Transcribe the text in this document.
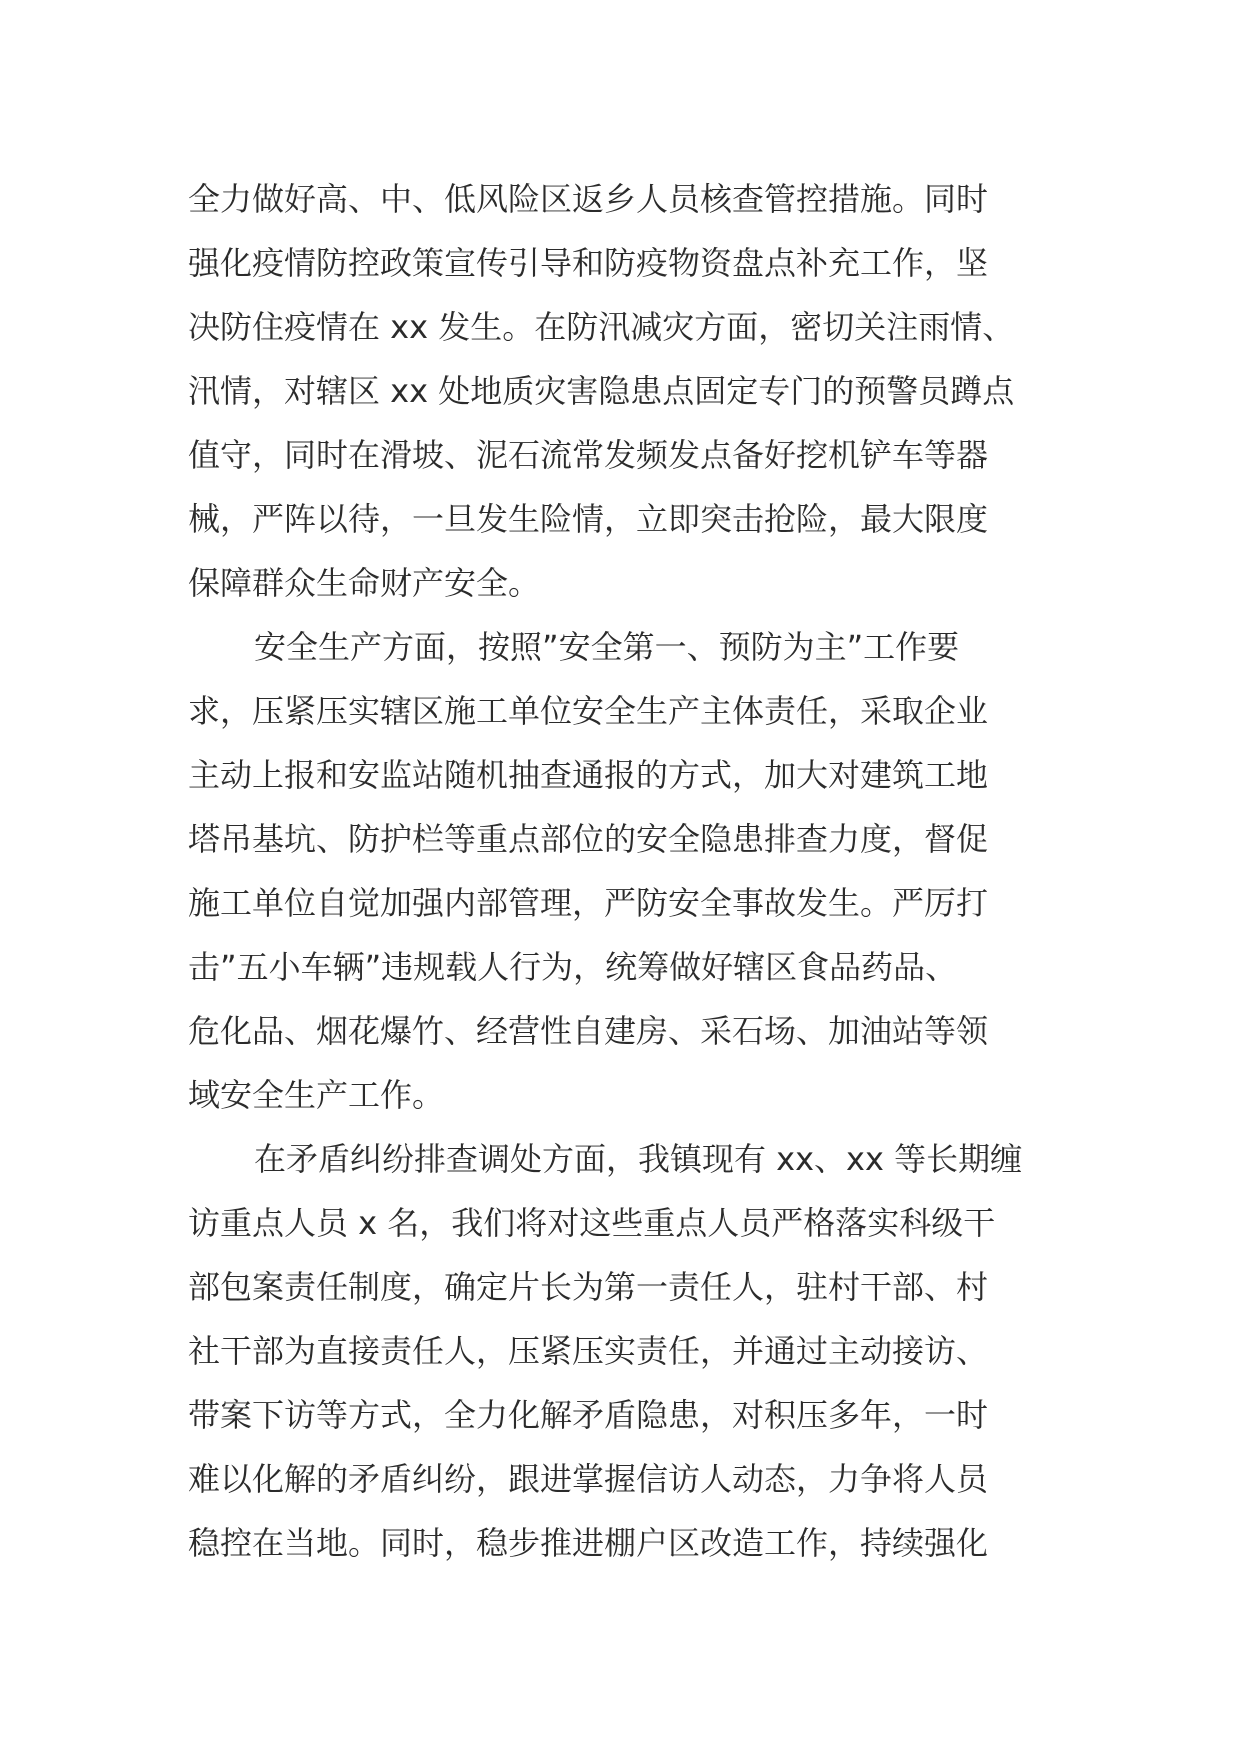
全力做好高、中、低风险区返乡人员核查管控措施。同时
强化疫情防控政策宣传引导和防疫物资盘点补充工作，坚
决防住疫情在 xx 发生。在防汛减灾方面，密切关注雨情、
汛情，对辖区 xx 处地质灾害隐患点固定专门的预警员蹲点
值守，同时在滑坡、泥石流常发频发点备好挖机铲车等器
械，严阵以待，一旦发生险情，立即突击抢险，最大限度
保障群众生命财产安全。
安全生产方面，按照”安全第一、预防为主”工作要
求，压紧压实辖区施工单位安全生产主体责任，采取企业
主动上报和安监站随机抽查通报的方式，加大对建筑工地
塔吊基坑、防护栏等重点部位的安全隐患排查力度，督促
施工单位自觉加强内部管理，严防安全事故发生。严厉打
击”五小车辆”违规载人行为，统筹做好辖区食品药品、
危化品、烟花爆竹、经营性自建房、采石场、加油站等领
域安全生产工作。
在矛盾纠纷排查调处方面，我镇现有 xx、xx 等长期缠
访重点人员 x 名，我们将对这些重点人员严格落实科级干
部包案责任制度，确定片长为第一责任人，驻村干部、村
社干部为直接责任人，压紧压实责任，并通过主动接访、
带案下访等方式，全力化解矛盾隐患，对积压多年，一时
难以化解的矛盾纠纷，跟进掌握信访人动态，力争将人员
稳控在当地。同时，稳步推进棚户区改造工作，持续强化
